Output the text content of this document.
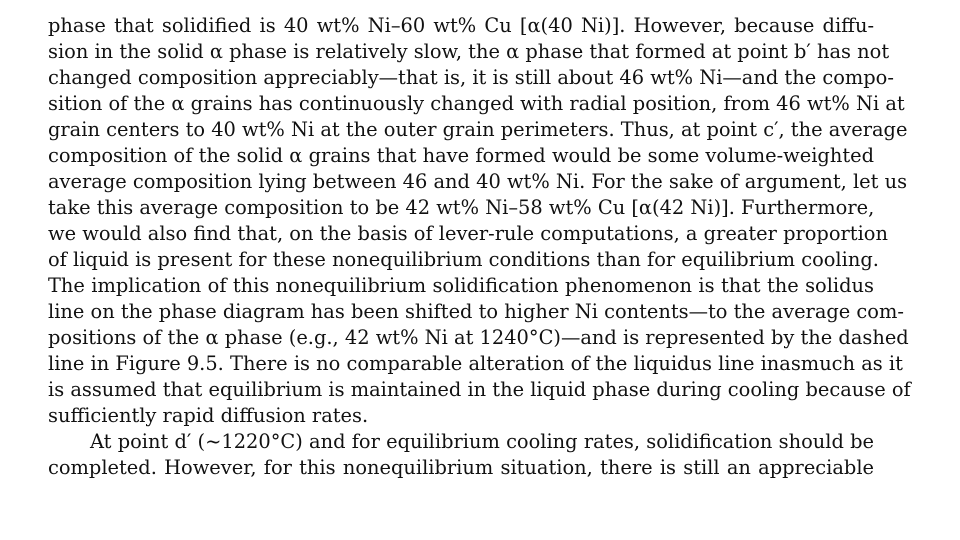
phase that solidified is 40 wt% Ni–60 wt% Cu [α(40 Ni)]. However, because diffu-
sion in the solid α phase is relatively slow, the α phase that formed at point b′ has not
changed composition appreciably—that is, it is still about 46 wt% Ni—and the compo-
sition of the α grains has continuously changed with radial position, from 46 wt% Ni at
grain centers to 40 wt% Ni at the outer grain perimeters. Thus, at point c′, the average
composition of the solid α grains that have formed would be some volume-weighted
average composition lying between 46 and 40 wt% Ni. For the sake of argument, let us
take this average composition to be 42 wt% Ni–58 wt% Cu [α(42 Ni)]. Furthermore,
we would also find that, on the basis of lever-rule computations, a greater proportion
of liquid is present for these nonequilibrium conditions than for equilibrium cooling.
The implication of this nonequilibrium solidification phenomenon is that the solidus
line on the phase diagram has been shifted to higher Ni contents—to the average com-
positions of the α phase (e.g., 42 wt% Ni at 1240°C)—and is represented by the dashed
line in Figure 9.5. There is no comparable alteration of the liquidus line inasmuch as it
is assumed that equilibrium is maintained in the liquid phase during cooling because of
sufficiently rapid diffusion rates.
At point d′ (~1220°C) and for equilibrium cooling rates, solidification should be
completed. However, for this nonequilibrium situation, there is still an appreciable
